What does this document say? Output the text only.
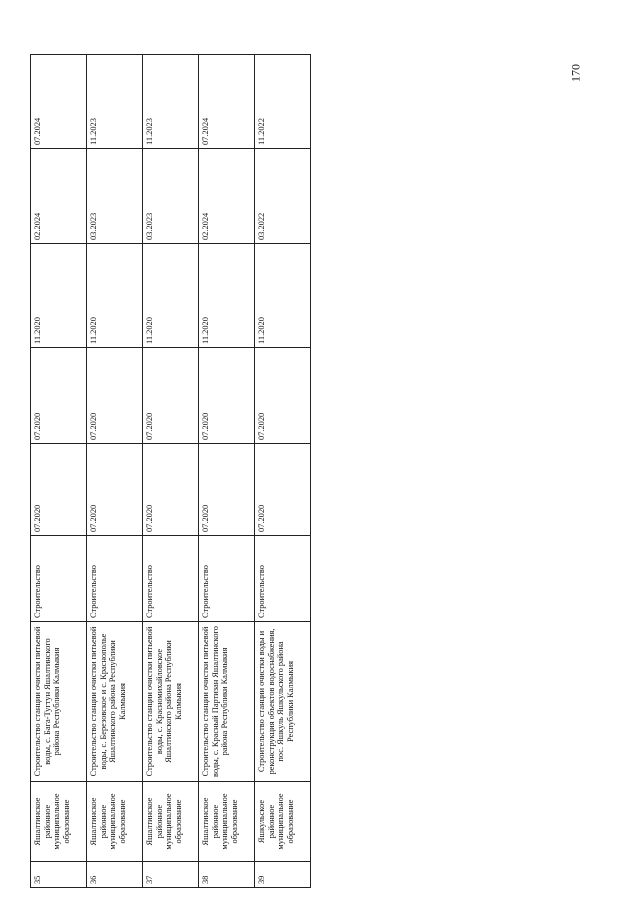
170
35	Яшалтинское районное муниципальное образование	Строительство станции очистки питьевой воды, с. Бага-Тугтун Яшалтинского района Республики Калмыкия	Строительство	07.2020	07.2020	11.2020	02.2024	07.2024
36	Яшалтинское районное муниципальное образование	Строительство станции очистки питьевой воды, с. Березовское и с. Краснополье Яшалтинского района Республики Калмыкия	Строительство	07.2020	07.2020	11.2020	03.2023	11.2023
37	Яшалтинское районное муниципальное образование	Строительство станции очистки питьевой воды, с. Красномихайловское Яшалтинского района Республики Калмыкия	Строительство	07.2020	07.2020	11.2020	03.2023	11.2023
38	Яшалтинское районное муниципальное образование	Строительство станции очистки питьевой воды, с. Красный Партизан Яшалтинского района Республики Калмыкия	Строительство	07.2020	07.2020	11.2020	02.2024	07.2024
39	Яшкульское районное муниципальное образование	Строительство станции очистки воды и реконструкция объектов водоснабжения, пос. Яшкуль Яшкульского района Республики Калмыкия	Строительство	07.2020	07.2020	11.2020	03.2022	11.2022
